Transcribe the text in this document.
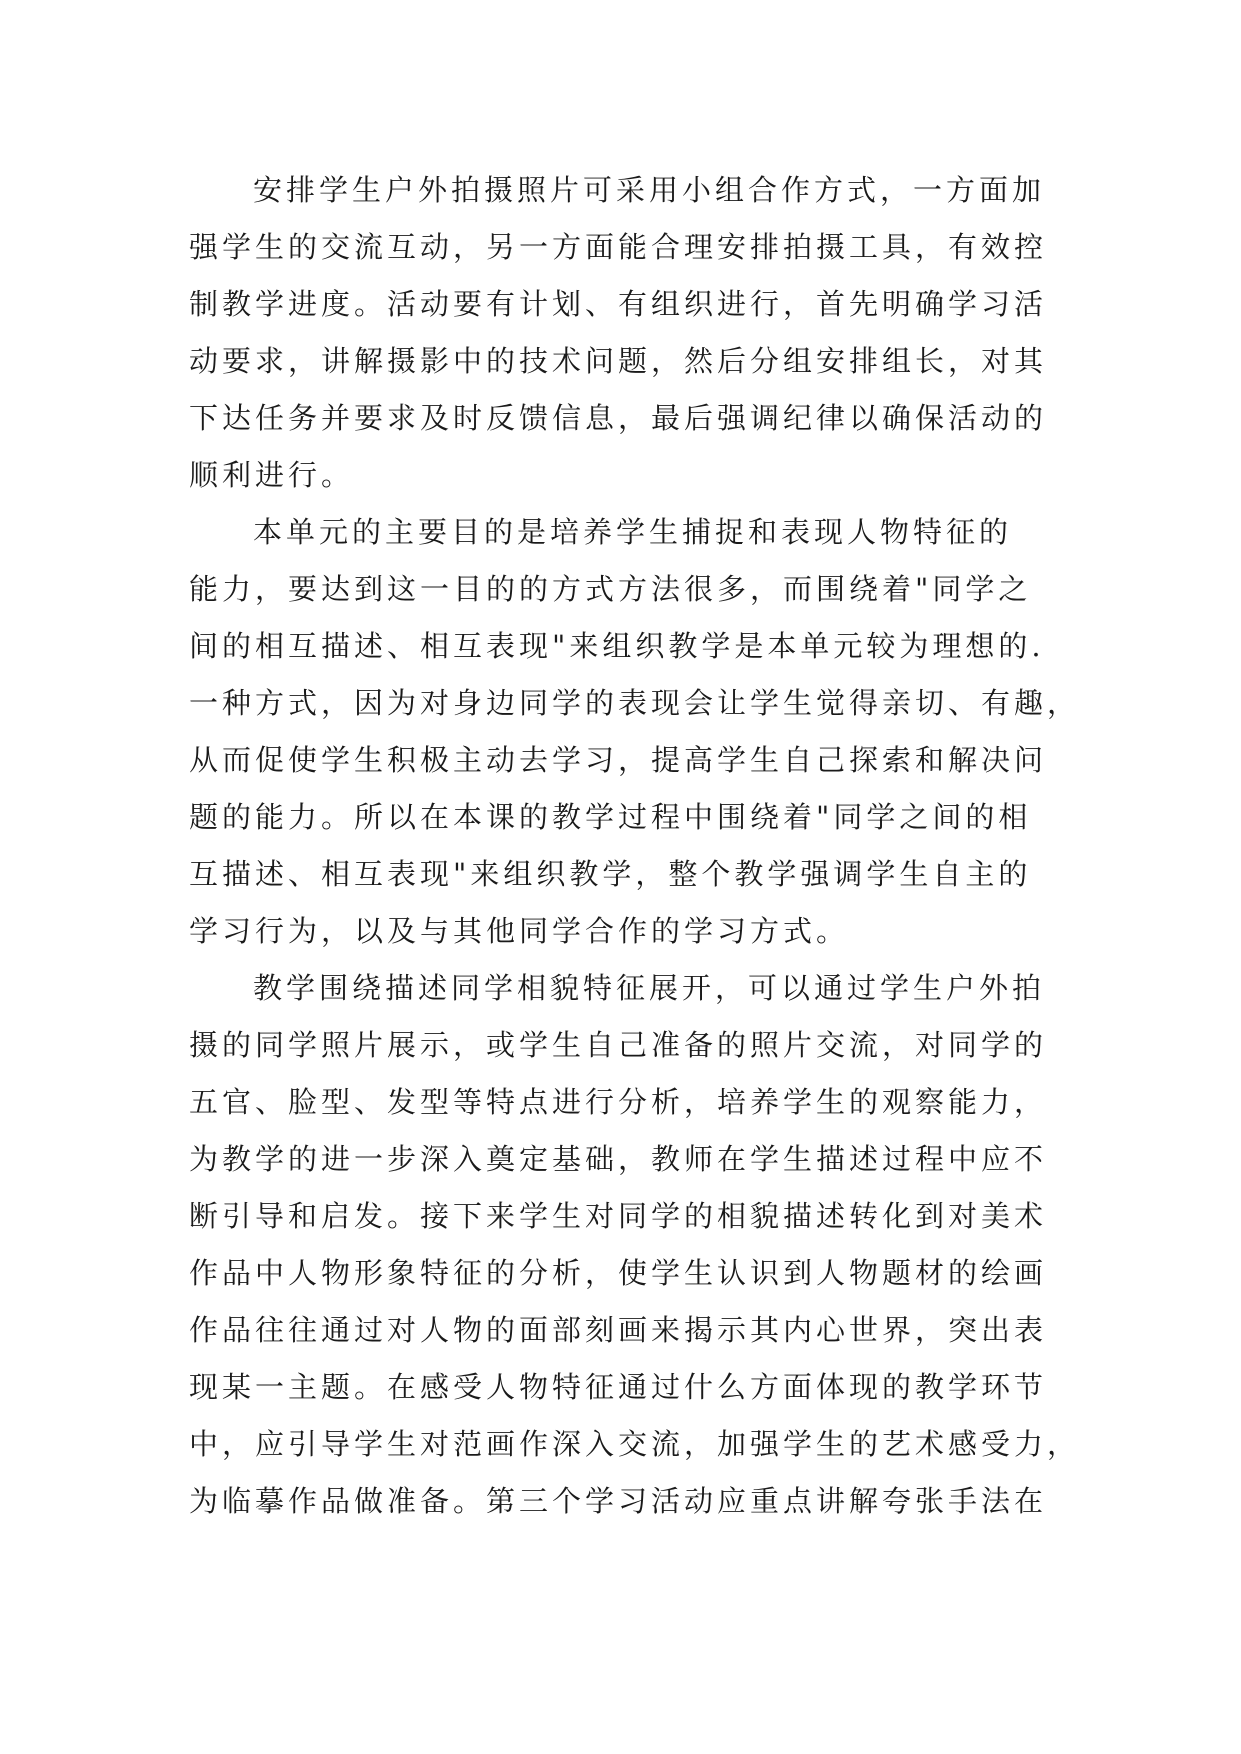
安排学生户外拍摄照片可采用小组合作方式，一方面加
强学生的交流互动，另一方面能合理安排拍摄工具，有效控
制教学进度。活动要有计划、有组织进行，首先明确学习活
动要求，讲解摄影中的技术问题，然后分组安排组长，对其
下达任务并要求及时反馈信息，最后强调纪律以确保活动的
顺利进行。
本单元的主要目的是培养学生捕捉和表现人物特征的
能力，要达到这一目的的方式方法很多，而围绕着"同学之
间的相互描述、相互表现"来组织教学是本单元较为理想的.
一种方式，因为对身边同学的表现会让学生觉得亲切、有趣，
从而促使学生积极主动去学习，提高学生自己探索和解决问
题的能力。所以在本课的教学过程中围绕着"同学之间的相
互描述、相互表现"来组织教学，整个教学强调学生自主的
学习行为，以及与其他同学合作的学习方式。
教学围绕描述同学相貌特征展开，可以通过学生户外拍
摄的同学照片展示，或学生自己准备的照片交流，对同学的
五官、脸型、发型等特点进行分析，培养学生的观察能力，
为教学的进一步深入奠定基础，教师在学生描述过程中应不
断引导和启发。接下来学生对同学的相貌描述转化到对美术
作品中人物形象特征的分析，使学生认识到人物题材的绘画
作品往往通过对人物的面部刻画来揭示其内心世界，突出表
现某一主题。在感受人物特征通过什么方面体现的教学环节
中，应引导学生对范画作深入交流，加强学生的艺术感受力，
为临摹作品做准备。第三个学习活动应重点讲解夸张手法在
